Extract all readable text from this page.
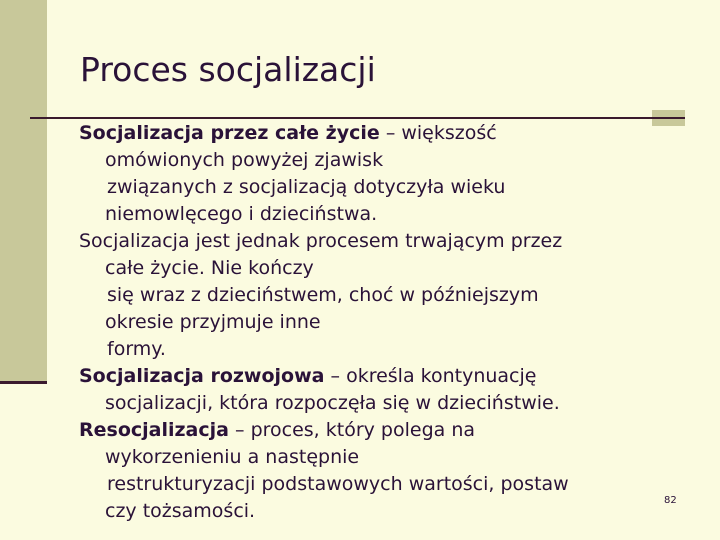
Proces socjalizacji
Socjalizacja przez całe życie – większość
omówionych powyżej zjawisk
związanych z socjalizacją dotyczyła wieku
niemowlęcego i dzieciństwa.
Socjalizacja jest jednak procesem trwającym przez
całe życie. Nie kończy
się wraz z dzieciństwem, choć w późniejszym
okresie przyjmuje inne
formy.
Socjalizacja rozwojowa – określa kontynuację
socjalizacji, która rozpoczęła się w dzieciństwie.
Resocjalizacja – proces, który polega na
wykorzenieniu a następnie
restrukturyzacji podstawowych wartości, postaw
czy tożsamości.	82
